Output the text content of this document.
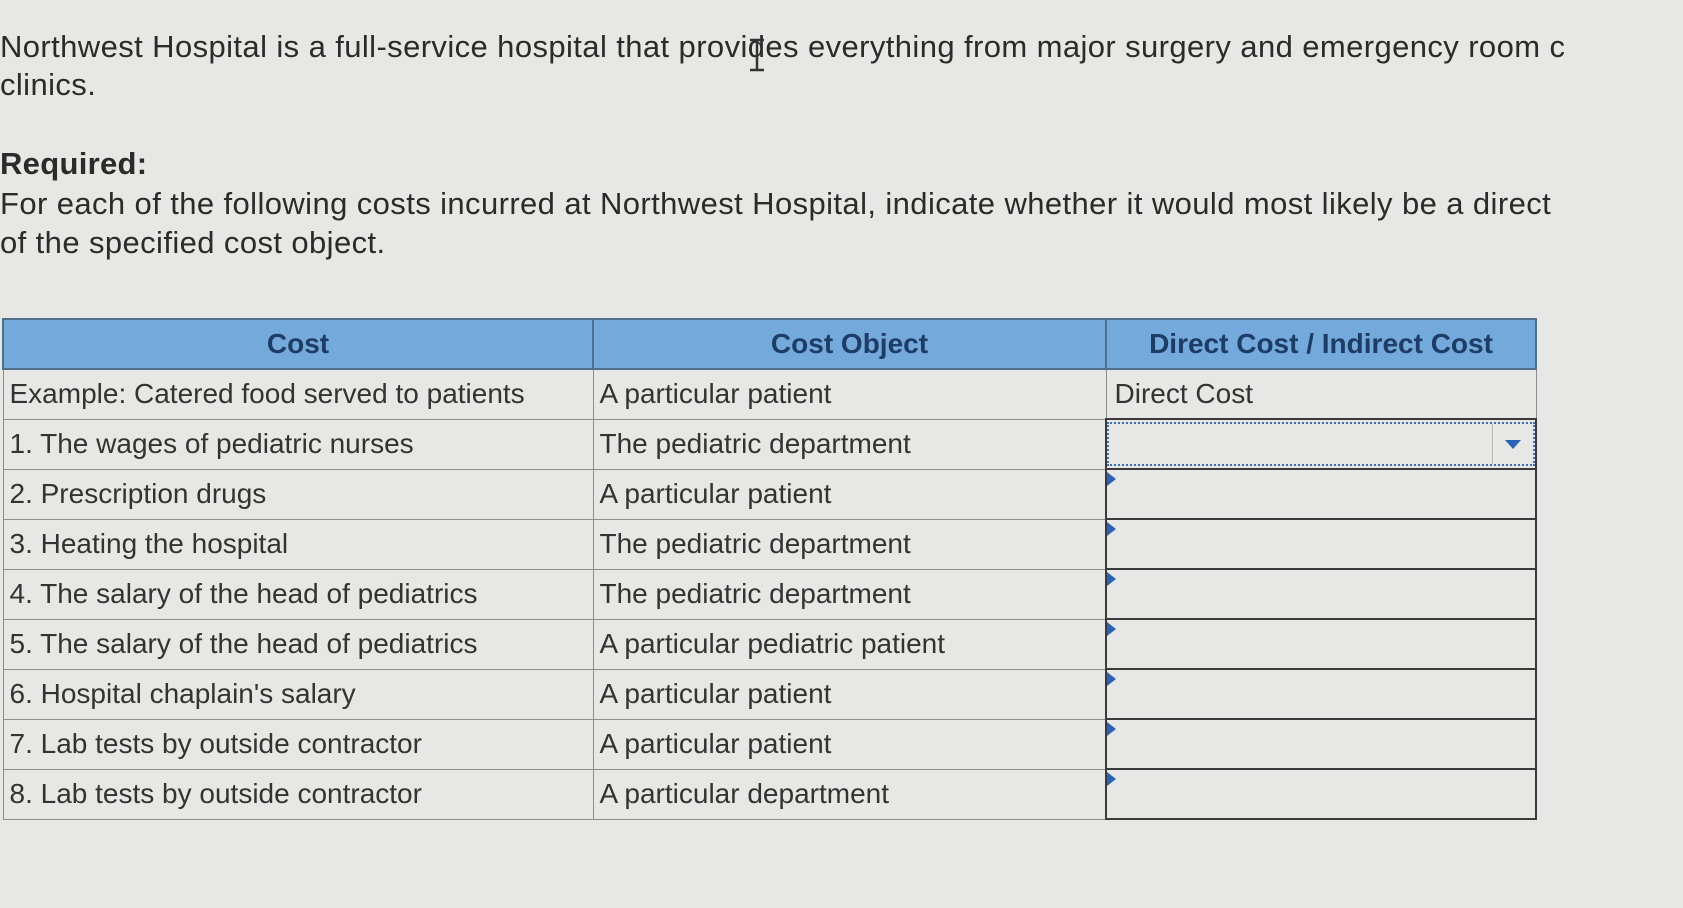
Northwest Hospital is a full-service hospital that provides everything from major surgery and emergency room c
clinics.
Required:
For each of the following costs incurred at Northwest Hospital, indicate whether it would most likely be a direct
of the specified cost object.
Cost	Cost Object	Direct Cost / Indirect Cost
Example: Catered food served to patients	A particular patient	Direct Cost
1. The wages of pediatric nurses	The pediatric department	

2. Prescription drugs	A particular patient	

3. Heating the hospital	The pediatric department	

4. The salary of the head of pediatrics	The pediatric department	

5. The salary of the head of pediatrics	A particular pediatric patient	

6. Hospital chaplain's salary	A particular patient	

7. Lab tests by outside contractor	A particular patient	

8. Lab tests by outside contractor	A particular department	
